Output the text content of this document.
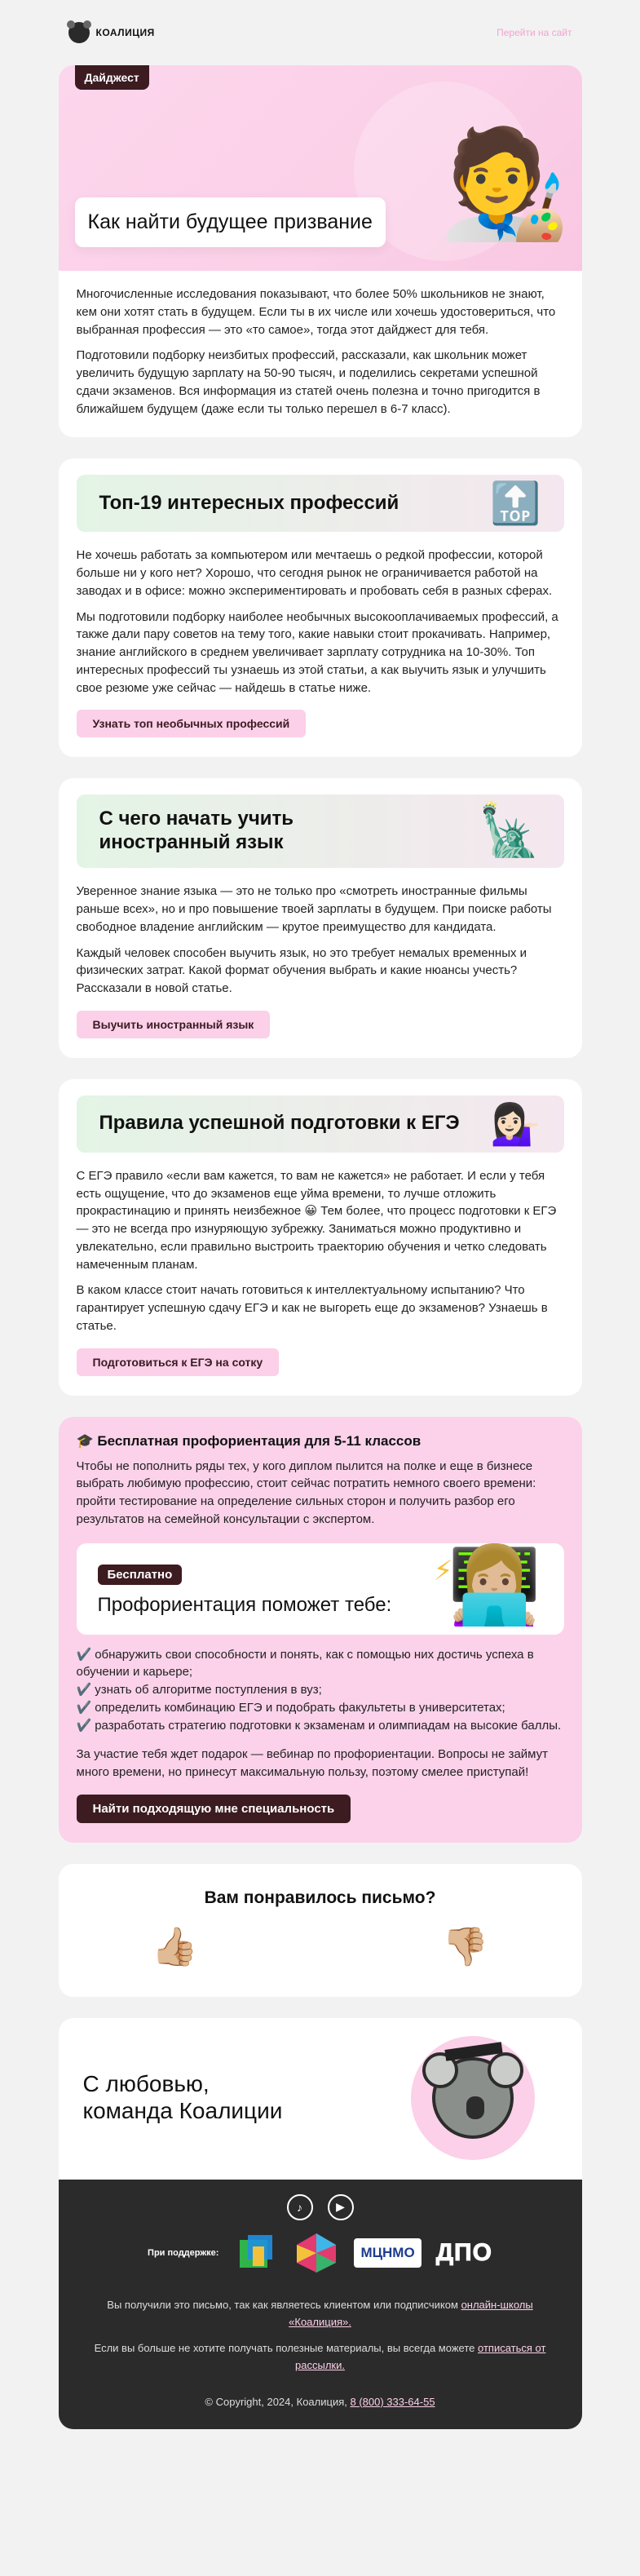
КОАЛИЦИЯ	Перейти на сайт
Дайджест
Как найти будущее призвание 🧑‍🎨

Многочисленные исследования показывают, что более 50% школьников не знают, кем они хотят стать в будущем. Если ты в их числе или хочешь удостовериться, что выбранная профессия — это «то самое», тогда этот дайджест для тебя.

Подготовили подборку неизбитых профессий, рассказали, как школьник может увеличить будущую зарплату на 50-90 тысяч, и поделились секретами успешной сдачи экзаменов. Вся информация из статей очень полезна и точно пригодится в ближайшем будущем (даже если ты только перешел в 6-7 класс).

Топ-19 интересных профессий 🔝

Не хочешь работать за компьютером или мечтаешь о редкой профессии, которой больше ни у кого нет? Хорошо, что сегодня рынок не ограничивается работой на заводах и в офисе: можно экспериментировать и пробовать себя в разных сферах.

Мы подготовили подборку наиболее необычных высокооплачиваемых профессий, а также дали пару советов на тему того, какие навыки стоит прокачивать. Например, знание английского в среднем увеличивает зарплату сотрудника на 10-30%. Топ интересных профессий ты узнаешь из этой статьи, а как выучить язык и улучшить свое резюме уже сейчас — найдешь в статье ниже.

Узнать топ необычных профессий
С чего начать учить иностранный язык	🗽

Уверенное знание языка — это не только про «смотреть иностранные фильмы раньше всех», но и про повышение твоей зарплаты в будущем. При поиске работы свободное владение английским — крутое преимущество для кандидата.

Каждый человек способен выучить язык, но это требует немалых временных и физических затрат. Какой формат обучения выбрать и какие нюансы учесть? Рассказали в новой статье.

Выучить иностранный язык
Правила успешной подготовки к ЕГЭ 💁🏻‍♀️

С ЕГЭ правило «если вам кажется, то вам не кажется» не работает. И если у тебя есть ощущение, что до экзаменов еще уйма времени, то лучше отложить прокрастинацию и принять неизбежное 😀 Тем более, что процесс подготовки к ЕГЭ — это не всегда про изнуряющую зубрежку. Заниматься можно продуктивно и увлекательно, если правильно выстроить траекторию обучения и четко следовать намеченным планам.

В каком классе стоит начать готовиться к интеллектуальному испытанию? Что гарантирует успешную сдачу ЕГЭ и как не выгореть еще до экзаменов? Узнаешь в статье.

Подготовиться к ЕГЭ на сотку
🎓 Бесплатная профориентация для 5-11 классов

Чтобы не пополнить ряды тех, у кого диплом пылится на полке и еще в бизнесе выбрать любимую профессию, стоит сейчас потратить немного своего времени: пройти тестирование на определение сильных сторон и получить разбор его результатов на семейной консультации с экспертом.

Бесплатно
Профориентация поможет тебе:
⚡
👩🏼‍💻
✔️ обнаружить свои способности и понять, как с помощью них достичь успеха в обучении и карьере;
✔️ узнать об алгоритме поступления в вуз;
✔️ определить комбинацию ЕГЭ и подобрать факультеты в университетах;
✔️ разработать стратегию подготовки к экзаменам и олимпиадам на высокие баллы.

За участие тебя ждет подарок — вебинар по профориентации. Вопросы не займут много времени, но принесут максимальную пользу, поэтому смелее приступай!

Найти подходящую мне специальность
Вам понравилось письмо?
👍🏼	👎🏼
С любовью,
команда Коалиции
♪	▶
При поддержке:	МЦНМО ДПО

Вы получили это письмо, так как являетесь клиентом или подписчиком онлайн-школы «Коалиция».

Если вы больше не хотите получать полезные материалы, вы всегда можете отписаться от рассылки.

© Copyright, 2024, Коалиция, 8 (800) 333-64-55
